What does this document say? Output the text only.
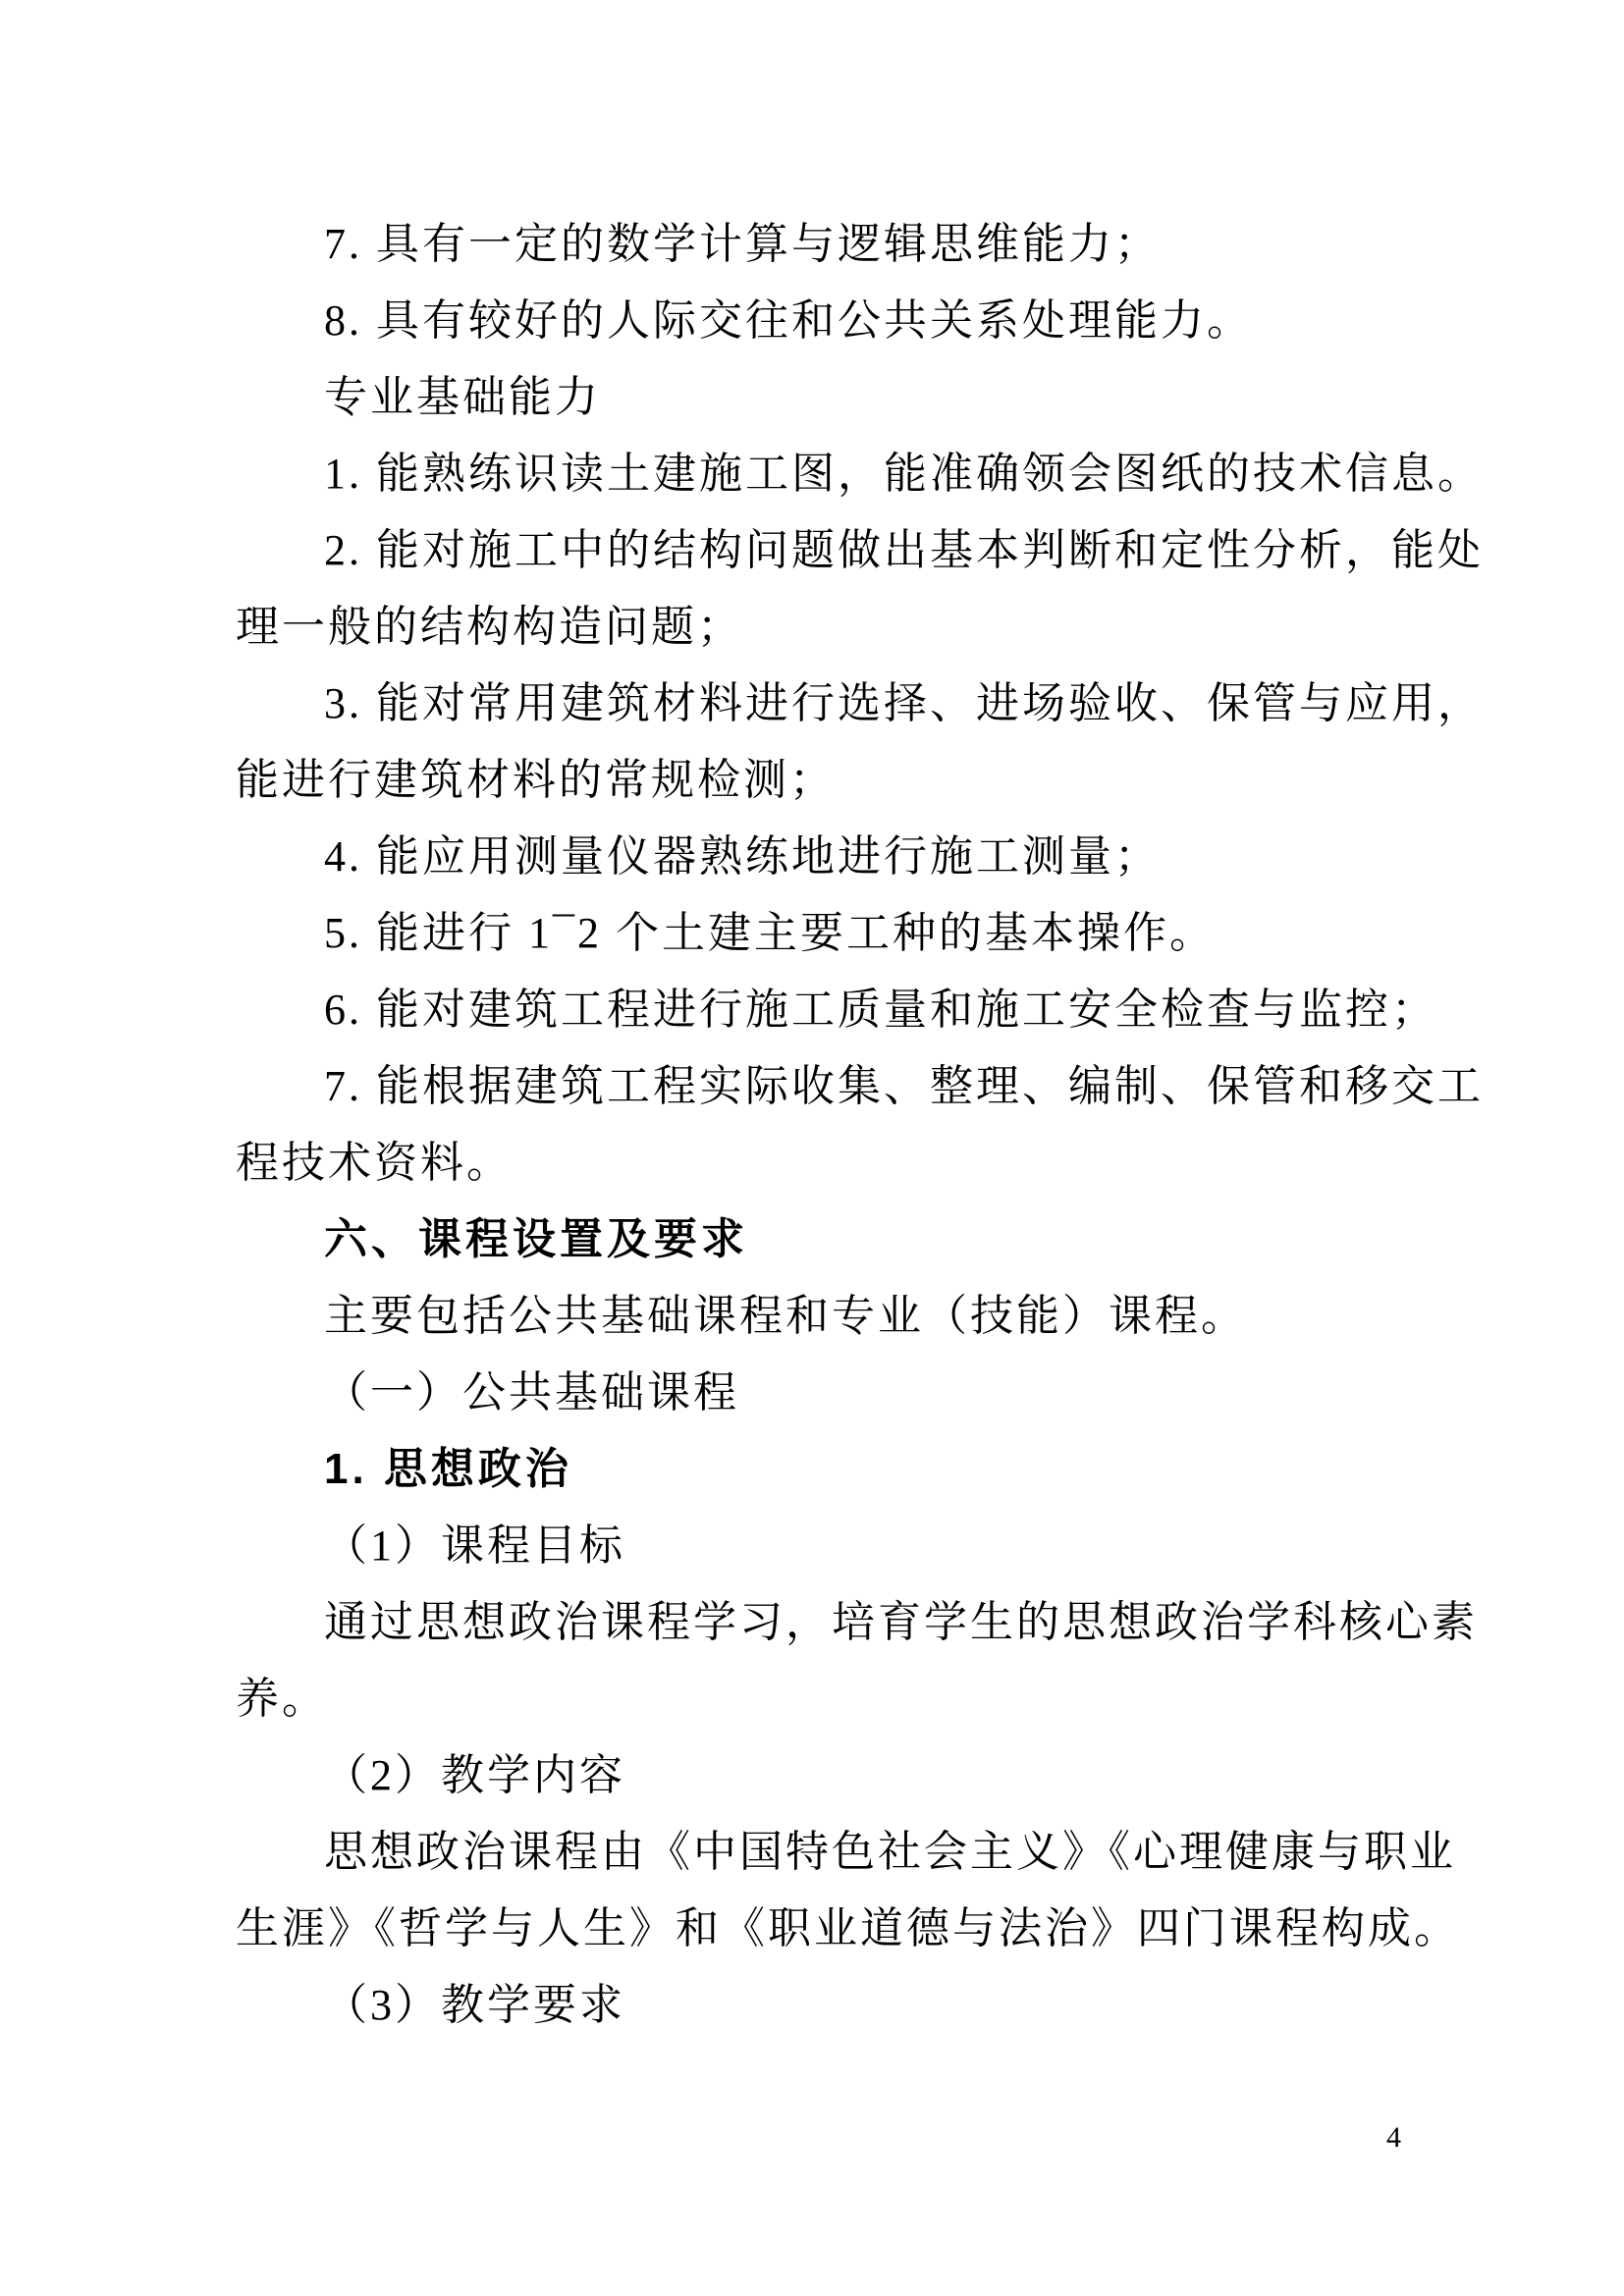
7. 具有一定的数学计算与逻辑思维能力；
8. 具有较好的人际交往和公共关系处理能力。
专业基础能力
1. 能熟练识读土建施工图，能准确领会图纸的技术信息。
2. 能对施工中的结构问题做出基本判断和定性分析，能处
理一般的结构构造问题；
3. 能对常用建筑材料进行选择、进场验收、保管与应用，
能进行建筑材料的常规检测；
4. 能应用测量仪器熟练地进行施工测量；
5. 能进行 1¯2 个土建主要工种的基本操作。
6. 能对建筑工程进行施工质量和施工安全检查与监控；
7. 能根据建筑工程实际收集、整理、编制、保管和移交工
程技术资料。
六、课程设置及要求
主要包括公共基础课程和专业（技能）课程。
（一）公共基础课程
1. 思想政治
（1）课程目标
通过思想政治课程学习，培育学生的思想政治学科核心素
养。
（2）教学内容
思想政治课程由《中国特色社会主义》《心理健康与职业
生涯》《哲学与人生》和《职业道德与法治》四门课程构成。
（3）教学要求
4
